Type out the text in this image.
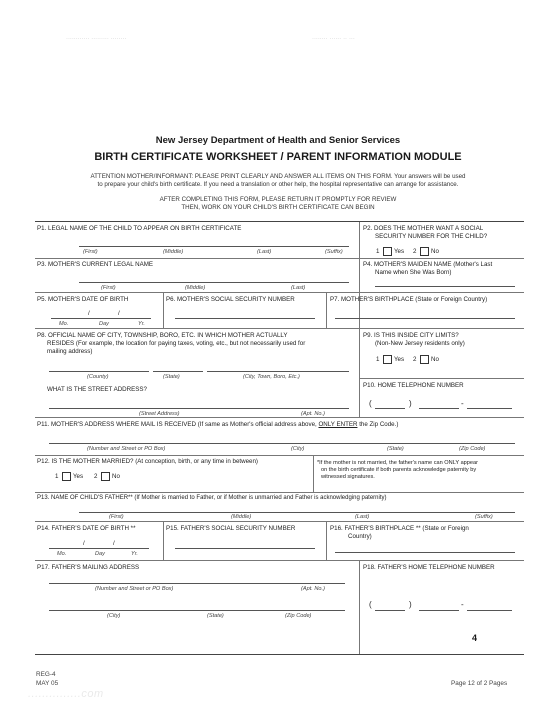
............ ......... ........	........ ...... .. ...
New Jersey Department of Health and Senior Services
BIRTH CERTIFICATE WORKSHEET / PARENT INFORMATION MODULE
ATTENTION MOTHER/INFORMANT: PLEASE PRINT CLEARLY AND ANSWER ALL ITEMS ON THIS FORM. Your answers will be used
to prepare your child's birth certificate. If you need a translation or other help, the hospital representative can arrange for assistance.
AFTER COMPLETING THIS FORM, PLEASE RETURN IT PROMPTLY FOR REVIEW
THEN, WORK ON YOUR CHILD'S BIRTH CERTIFICATE CAN BEGIN
P1. LEGAL NAME OF THE CHILD TO APPEAR ON BIRTH CERTIFICATE
(First)	(Middle)	(Last)	(Suffix)
P2. DOES THE MOTHER WANT A SOCIAL
SECURITY NUMBER FOR THE CHILD?
1 Yes 2 No
P3. MOTHER'S CURRENT LEGAL NAME
(First)	(Middle)	(Last)
P4. MOTHER'S MAIDEN NAME (Mother's Last
Name when She Was Born)
P5. MOTHER'S DATE OF BIRTH
/	/
Mo.	Day	Yr.
P6. MOTHER'S SOCIAL SECURITY NUMBER	P7. MOTHER'S BIRTHPLACE (State or Foreign Country)
P8. OFFICIAL NAME OF CITY, TOWNSHIP, BORO, ETC. IN WHICH MOTHER ACTUALLY
RESIDES (For example, the location for paying taxes, voting, etc., but not necessarily used for
mailing address)
(County)	(State)	(City, Town, Boro, Etc.)
WHAT IS THE STREET ADDRESS?
(Street Address)	(Apt. No.)
P9. IS THIS INSIDE CITY LIMITS?
(Non-New Jersey residents only)
1 Yes 2 No
P10. HOME TELEPHONE NUMBER
(	)	-
P11. MOTHER'S ADDRESS WHERE MAIL IS RECEIVED (If same as Mother's official address above, ONLY ENTER the Zip Code.)
(Number and Street or PO Box)	(City)	(State)	(Zip Code)
P12. IS THE MOTHER MARRIED? (At conception, birth, or any time in between)
1 Yes 2 No
*If the mother is not married, the father's name can ONLY appear
on the birth certificate if both parents acknowledge paternity by
witnessed signatures.
P13. NAME OF CHILD'S FATHER** (If Mother is married to Father, or if Mother is unmarried and Father is acknowledging paternity)
(First)	(Middle)	(Last)	(Suffix)
P14. FATHER'S DATE OF BIRTH **
/	/
Mo.	Day	Yr.
P15. FATHER'S SOCIAL SECURITY NUMBER	P16. FATHER'S BIRTHPLACE ** (State or Foreign
Country)
P17. FATHER'S MAILING ADDRESS
(Number and Street or PO Box)	(Apt. No.)
(City)	(State)	(Zip Code)
P18. FATHER'S HOME TELEPHONE NUMBER
(	)	-
4
REG-4
MAY 05	Page 12 of 2 Pages
...............com
